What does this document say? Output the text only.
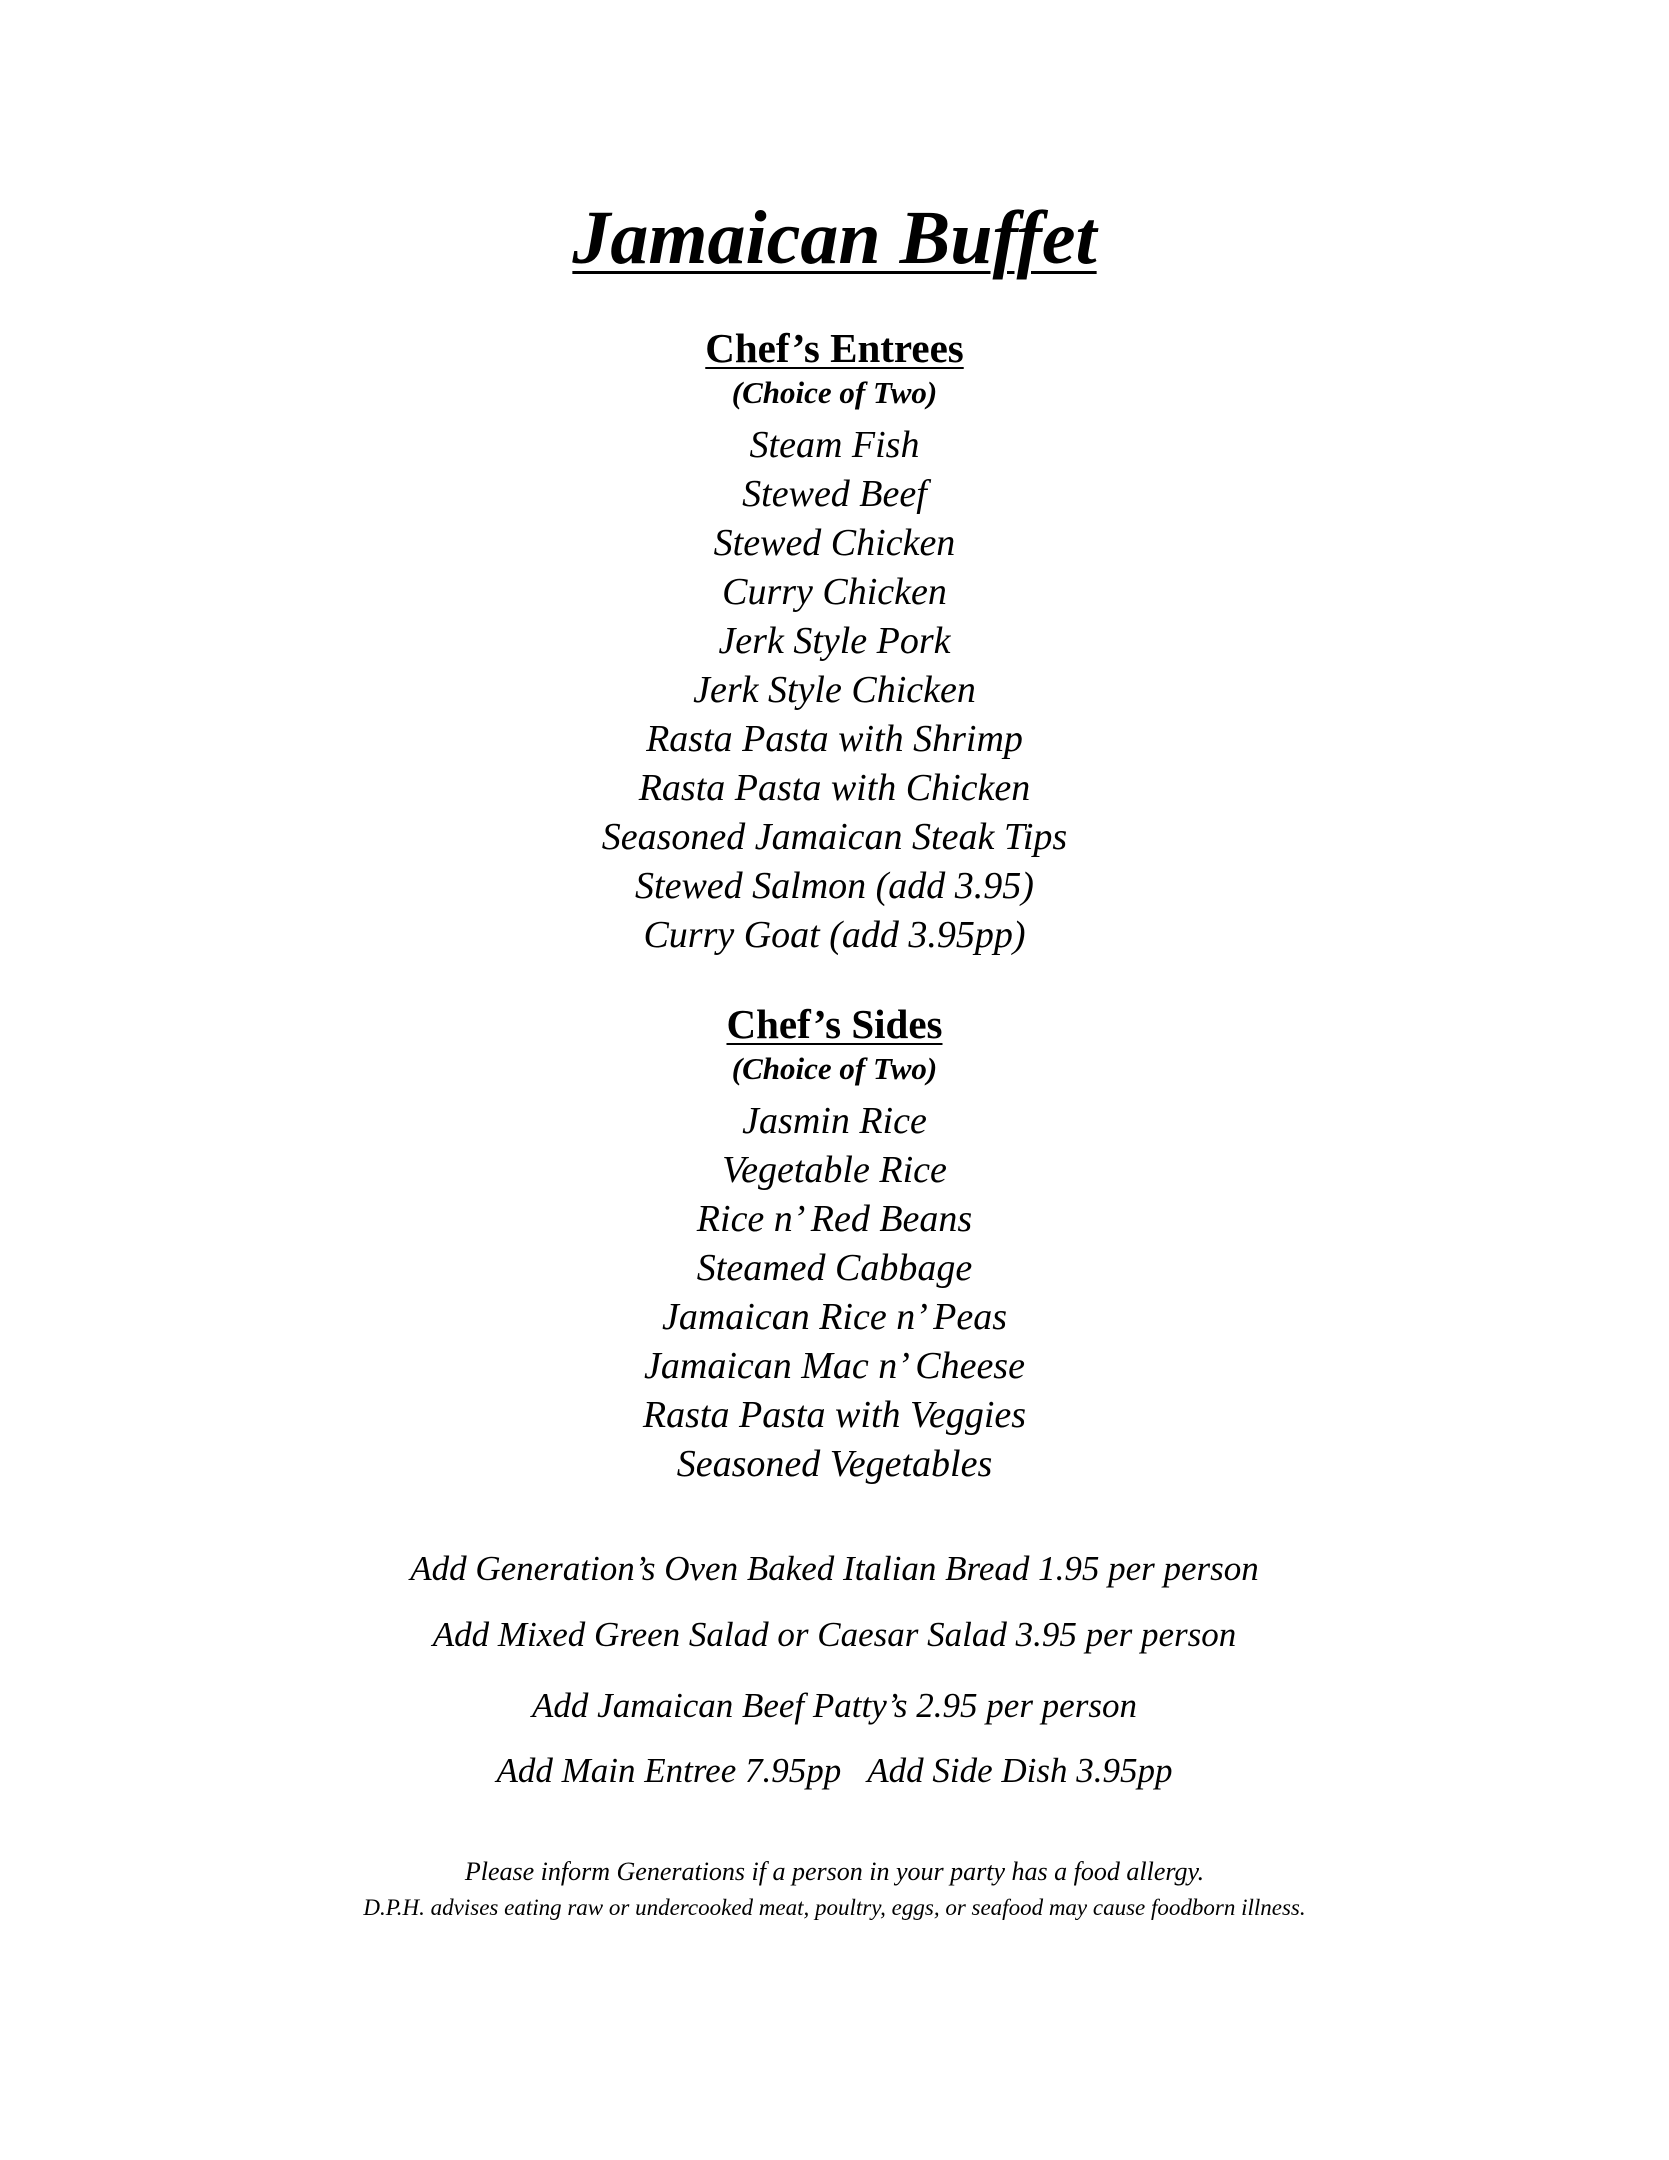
Jamaican Buffet
Chef’s Entrees
(Choice of Two)
Steam Fish
Stewed Beef
Stewed Chicken
Curry Chicken
Jerk Style Pork
Jerk Style Chicken
Rasta Pasta with Shrimp
Rasta Pasta with Chicken
Seasoned Jamaican Steak Tips
Stewed Salmon (add 3.95)
Curry Goat (add 3.95pp)
Chef’s Sides
(Choice of Two)
Jasmin Rice
Vegetable Rice
Rice n’ Red Beans
Steamed Cabbage
Jamaican Rice n’ Peas
Jamaican Mac n’ Cheese
Rasta Pasta with Veggies
Seasoned Vegetables
Add Generation’s Oven Baked Italian Bread 1.95 per person
Add Mixed Green Salad or Caesar Salad 3.95 per person
Add Jamaican Beef Patty’s 2.95 per person
Add Main Entree 7.95pp Add Side Dish 3.95pp
Please inform Generations if a person in your party has a food allergy.
D.P.H. advises eating raw or undercooked meat, poultry, eggs, or seafood may cause foodborn illness.
